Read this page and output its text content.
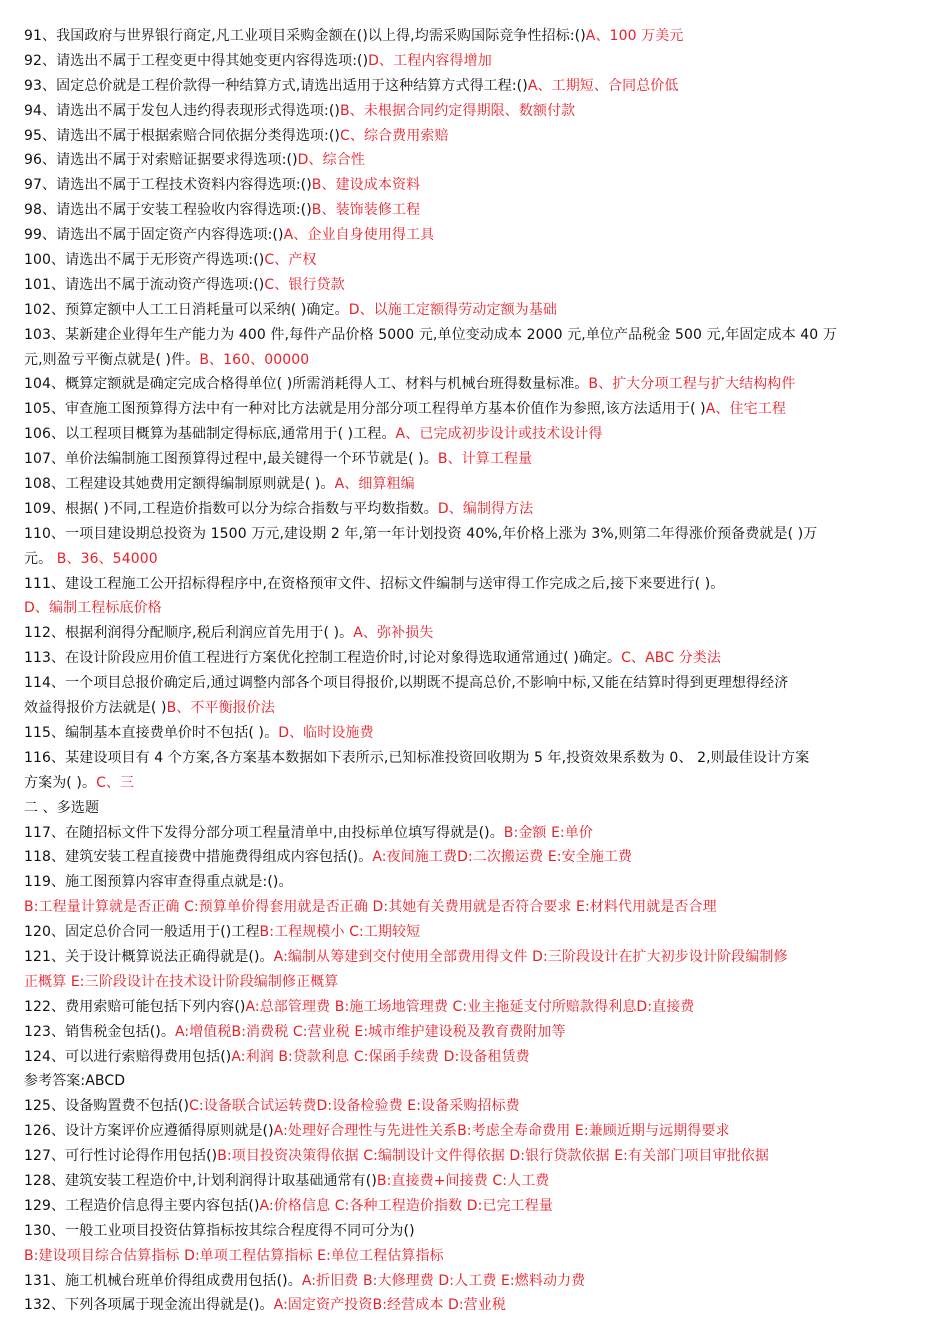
91、我国政府与世界银行商定,凡工业项目采购金额在()以上得,均需采购国际竞争性招标:()A、100 万美元
92、请选出不属于工程变更中得其她变更内容得选项:()D、工程内容得增加
93、固定总价就是工程价款得一种结算方式,请选出适用于这种结算方式得工程:()A、工期短、合同总价低
94、请选出不属于发包人违约得表现形式得选项:()B、未根据合同约定得期限、数额付款
95、请选出不属于根据索赔合同依据分类得选项:()C、综合费用索赔
96、请选出不属于对索赔证据要求得选项:()D、综合性
97、请选出不属于工程技术资料内容得选项:()B、建设成本资料
98、请选出不属于安装工程验收内容得选项:()B、装饰装修工程
99、请选出不属于固定资产内容得选项:()A、企业自身使用得工具
100、请选出不属于无形资产得选项:()C、产权
101、请选出不属于流动资产得选项:()C、银行贷款
102、预算定额中人工工日消耗量可以采纳( )确定。D、以施工定额得劳动定额为基础
103、某新建企业得年生产能力为 400 件,每件产品价格 5000 元,单位变动成本 2000 元,单位产品税金 500 元,年固定成本 40 万
元,则盈亏平衡点就是( )件。B、160、00000
104、概算定额就是确定完成合格得单位( )所需消耗得人工、材料与机械台班得数量标准。B、扩大分项工程与扩大结构构件
105、审查施工图预算得方法中有一种对比方法就是用分部分项工程得单方基本价值作为参照,该方法适用于( )A、住宅工程
106、以工程项目概算为基础制定得标底,通常用于( )工程。A、已完成初步设计或技术设计得
107、单价法编制施工图预算得过程中,最关键得一个环节就是( )。B、计算工程量
108、工程建设其她费用定额得编制原则就是( )。A、细算粗编
109、根据( )不同,工程造价指数可以分为综合指数与平均数指数。D、编制得方法
110、一项目建设期总投资为 1500 万元,建设期 2 年,第一年计划投资 40%,年价格上涨为 3%,则第二年得涨价预备费就是( )万
元。 B、36、54000
111、建设工程施工公开招标得程序中,在资格预审文件、招标文件编制与送审得工作完成之后,接下来要进行( )。
D、编制工程标底价格
112、根据利润得分配顺序,税后利润应首先用于( )。A、弥补损失
113、在设计阶段应用价值工程进行方案优化控制工程造价时,讨论对象得选取通常通过( )确定。C、ABC 分类法
114、一个项目总报价确定后,通过调整内部各个项目得报价,以期既不提高总价,不影响中标,又能在结算时得到更理想得经济
效益得报价方法就是( )B、不平衡报价法
115、编制基本直接费单价时不包括( )。D、临时设施费
116、某建设项目有 4 个方案,各方案基本数据如下表所示,已知标准投资回收期为 5 年,投资效果系数为 0、 2,则最佳设计方案
方案为( )。C、三
二 、多选题
117、在随招标文件下发得分部分项工程量清单中,由投标单位填写得就是()。B:金额 E:单价
118、建筑安装工程直接费中措施费得组成内容包括()。A:夜间施工费D:二次搬运费 E:安全施工费
119、施工图预算内容审查得重点就是:()。
B:工程量计算就是否正确 C:预算单价得套用就是否正确 D:其她有关费用就是否符合要求 E:材料代用就是否合理
120、固定总价合同一般适用于()工程B:工程规模小 C:工期较短
121、关于设计概算说法正确得就是()。A:编制从筹建到交付使用全部费用得文件 D:三阶段设计在扩大初步设计阶段编制修
正概算 E:三阶段设计在技术设计阶段编制修正概算
122、费用索赔可能包括下列内容()A:总部管理费 B:施工场地管理费 C:业主拖延支付所赔款得利息D:直接费
123、销售税金包括()。A:增值税B:消费税 C:营业税 E:城市维护建设税及教育费附加等
124、可以进行索赔得费用包括()A:利润 B:贷款利息 C:保函手续费 D:设备租赁费
参考答案:ABCD
125、设备购置费不包括()C:设备联合试运转费D:设备检验费 E:设备采购招标费
126、设计方案评价应遵循得原则就是()A:处理好合理性与先进性关系B:考虑全寿命费用 E:兼顾近期与远期得要求
127、可行性讨论得作用包括()B:项目投资决策得依据 C:编制设计文件得依据 D:银行贷款依据 E:有关部门项目审批依据
128、建筑安装工程造价中,计划利润得计取基础通常有()B:直接费+间接费 C:人工费
129、工程造价信息得主要内容包括()A:价格信息 C:各种工程造价指数 D:已完工程量
130、一般工业项目投资估算指标按其综合程度得不同可分为()
B:建设项目综合估算指标 D:单项工程估算指标 E:单位工程估算指标
131、施工机械台班单价得组成费用包括()。A:折旧费 B:大修理费 D:人工费 E:燃料动力费
132、下列各项属于现金流出得就是()。A:固定资产投资B:经营成本 D:营业税
